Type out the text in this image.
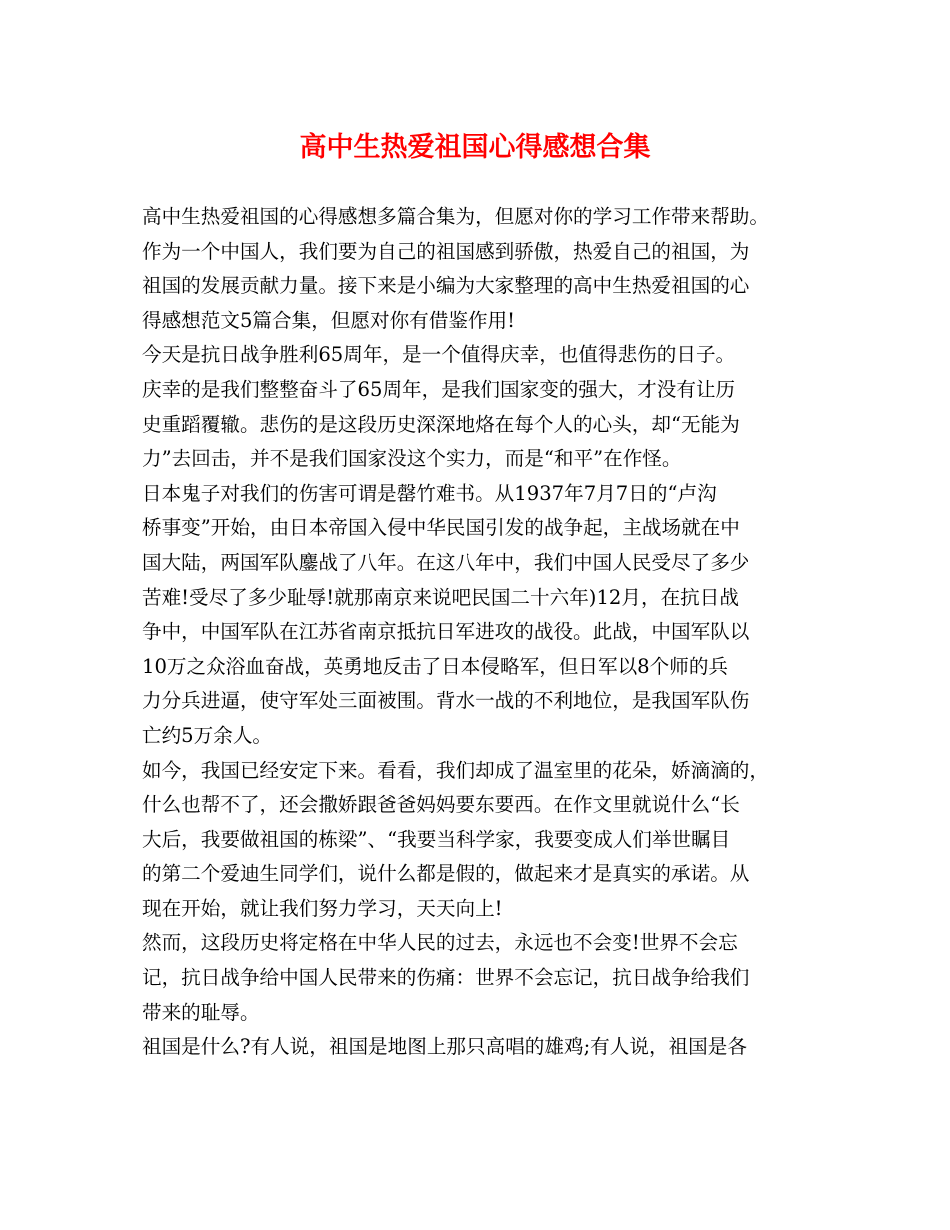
高中生热爱祖国心得感想合集
高中生热爱祖国的心得感想多篇合集为，但愿对你的学习工作带来帮助。
作为一个中国人，我们要为自己的祖国感到骄傲，热爱自己的祖国，为
祖国的发展贡献力量。接下来是小编为大家整理的高中生热爱祖国的心
得感想范文5篇合集，但愿对你有借鉴作用!
今天是抗日战争胜利65周年，是一个值得庆幸，也值得悲伤的日子。
庆幸的是我们整整奋斗了65周年，是我们国家变的强大，才没有让历
史重蹈覆辙。悲伤的是这段历史深深地烙在每个人的心头，却“无能为
力”去回击，并不是我们国家没这个实力，而是“和平”在作怪。
日本鬼子对我们的伤害可谓是罄竹难书。从1937年7月7日的“卢沟
桥事变”开始，由日本帝国入侵中华民国引发的战争起，主战场就在中
国大陆，两国军队鏖战了八年。在这八年中，我们中国人民受尽了多少
苦难!受尽了多少耻辱!就那南京来说吧民国二十六年)12月，在抗日战
争中，中国军队在江苏省南京抵抗日军进攻的战役。此战，中国军队以
10万之众浴血奋战，英勇地反击了日本侵略军，但日军以8个师的兵
力分兵进逼，使守军处三面被围。背水一战的不利地位，是我国军队伤
亡约5万余人。
如今，我国已经安定下来。看看，我们却成了温室里的花朵，娇滴滴的，
什么也帮不了，还会撒娇跟爸爸妈妈要东要西。在作文里就说什么“长
大后，我要做祖国的栋梁”、“我要当科学家，我要变成人们举世瞩目
的第二个爱迪生同学们，说什么都是假的，做起来才是真实的承诺。从
现在开始，就让我们努力学习，天天向上!
然而，这段历史将定格在中华人民的过去，永远也不会变!世界不会忘
记，抗日战争给中国人民带来的伤痛：世界不会忘记，抗日战争给我们
带来的耻辱。
祖国是什么?有人说，祖国是地图上那只高唱的雄鸡;有人说，祖国是各
